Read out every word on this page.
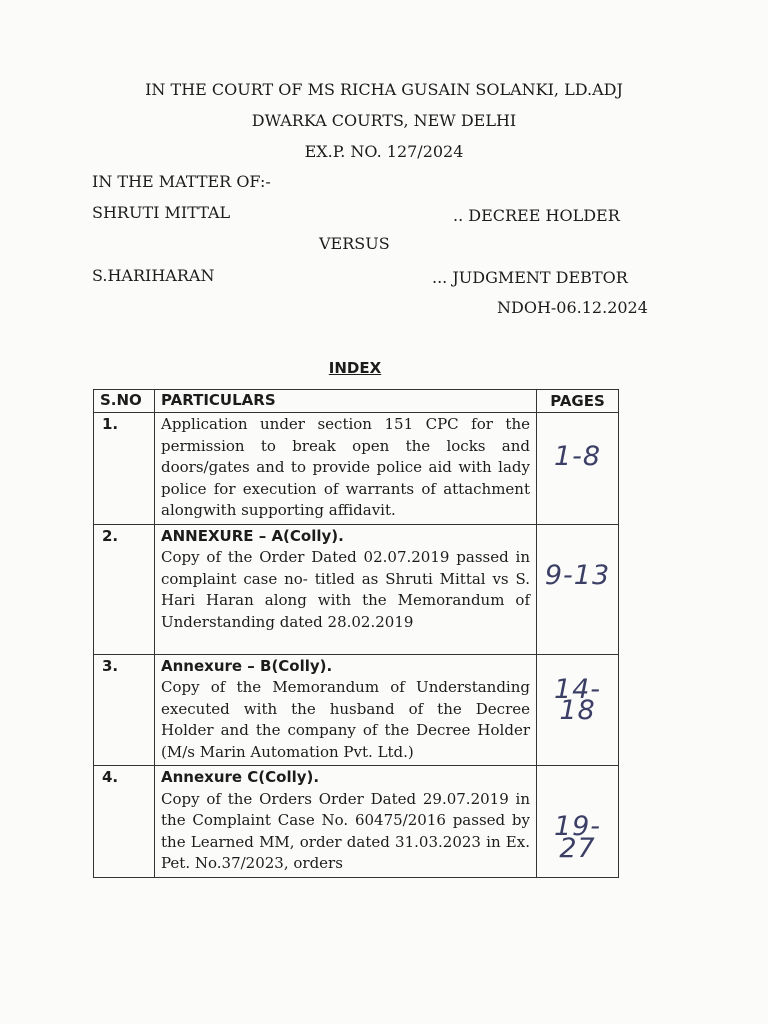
IN THE COURT OF MS RICHA GUSAIN SOLANKI, LD.ADJ
DWARKA COURTS, NEW DELHI
EX.P. NO. 127/2024
IN THE MATTER OF:-
SHRUTI MITTAL	.. DECREE HOLDER
VERSUS
S.HARIHARAN	... JUDGMENT DEBTOR
NDOH-06.12.2024
INDEX
S.NO	PARTICULARS	PAGES
1.	Application under section 151 CPC for the permission to break open the locks and doors/gates and to provide police aid with lady police for execution of warrants of attachment alongwith supporting affidavit.	1-8

2.	ANNEXURE – A(Colly).
Copy of the Order Dated 02.07.2019 passed in complaint case no- titled as Shruti Mittal vs S. Hari Haran along with the Memorandum of Understanding dated 28.02.2019	9-13

3.	Annexure – B(Colly).
Copy of the Memorandum of Understanding executed with the husband of the Decree Holder and the company of the Decree Holder (M/s Marin Automation Pvt. Ltd.)	14-18

4.	Annexure C(Colly).
Copy of the Orders Order Dated 29.07.2019 in the Complaint Case No. 60475/2016 passed by the Learned MM, order dated 31.03.2023 in Ex. Pet. No.37/2023, orders	19-27
